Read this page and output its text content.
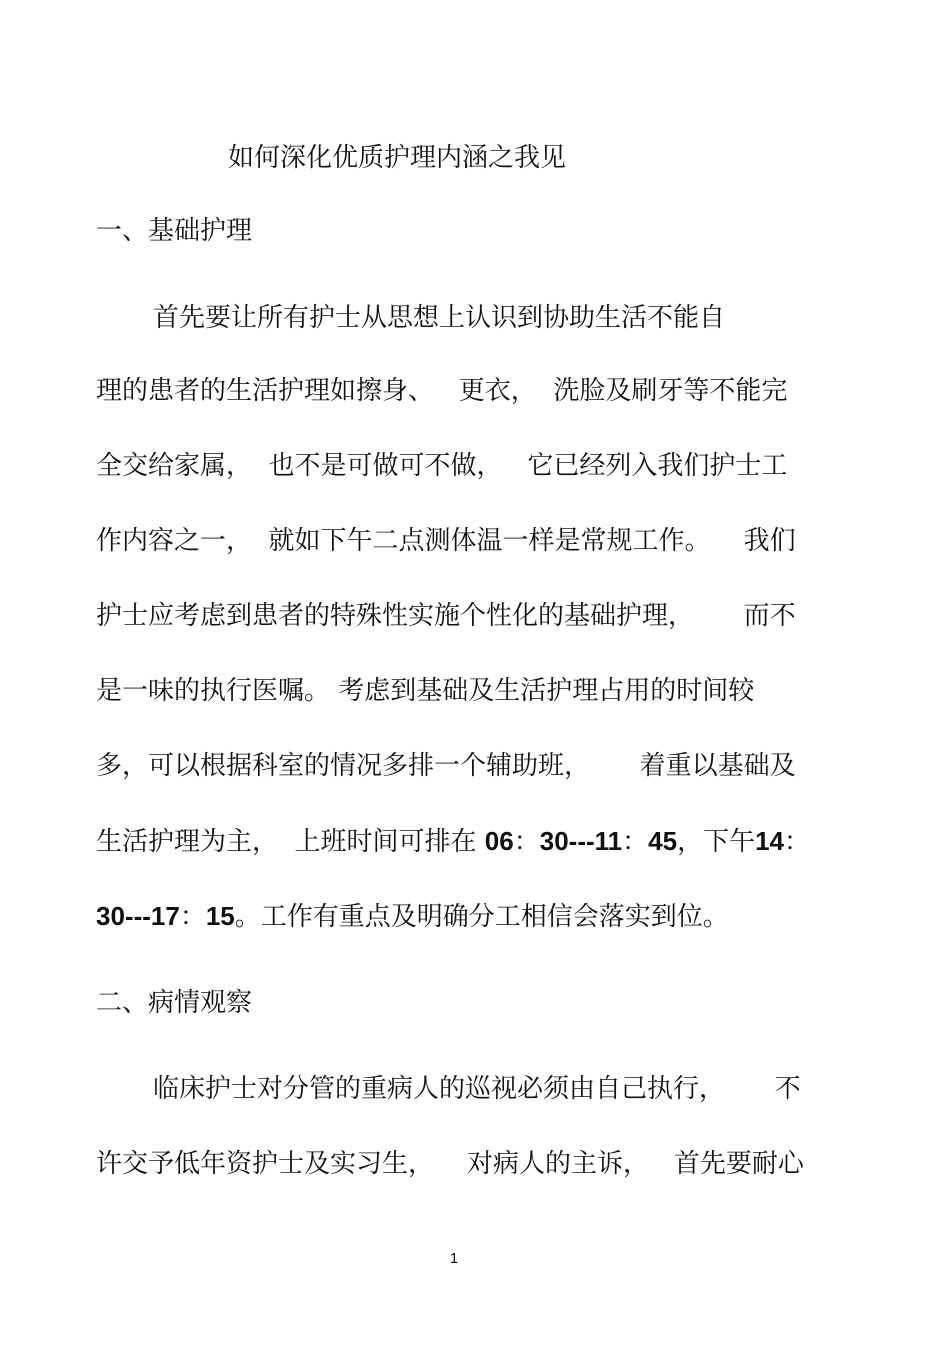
如何深化优质护理内涵之我见
一、基础护理

首先要让所有护士从思想上认识到协助生活不能自

理的患者的生活护理如擦身、   更衣，  洗脸及刷牙等不能完

全交给家属，  也不是可做可不做，   它已经列入我们护士工

作内容之一，  就如下午二点测体温一样是常规工作。    我们

护士应考虑到患者的特殊性实施个性化的基础护理，      而不

是一味的执行医嘱。 考虑到基础及生活护理占用的时间较

多，可以根据科室的情况多排一个辅助班，      着重以基础及

生活护理为主，  上班时间可排在 06：30---11：45，下午14：

30---17：15。工作有重点及明确分工相信会落实到位。

二、病情观察

临床护士对分管的重病人的巡视必须由自己执行，      不

许交予低年资护士及实习生，    对病人的主诉，   首先要耐心

1
